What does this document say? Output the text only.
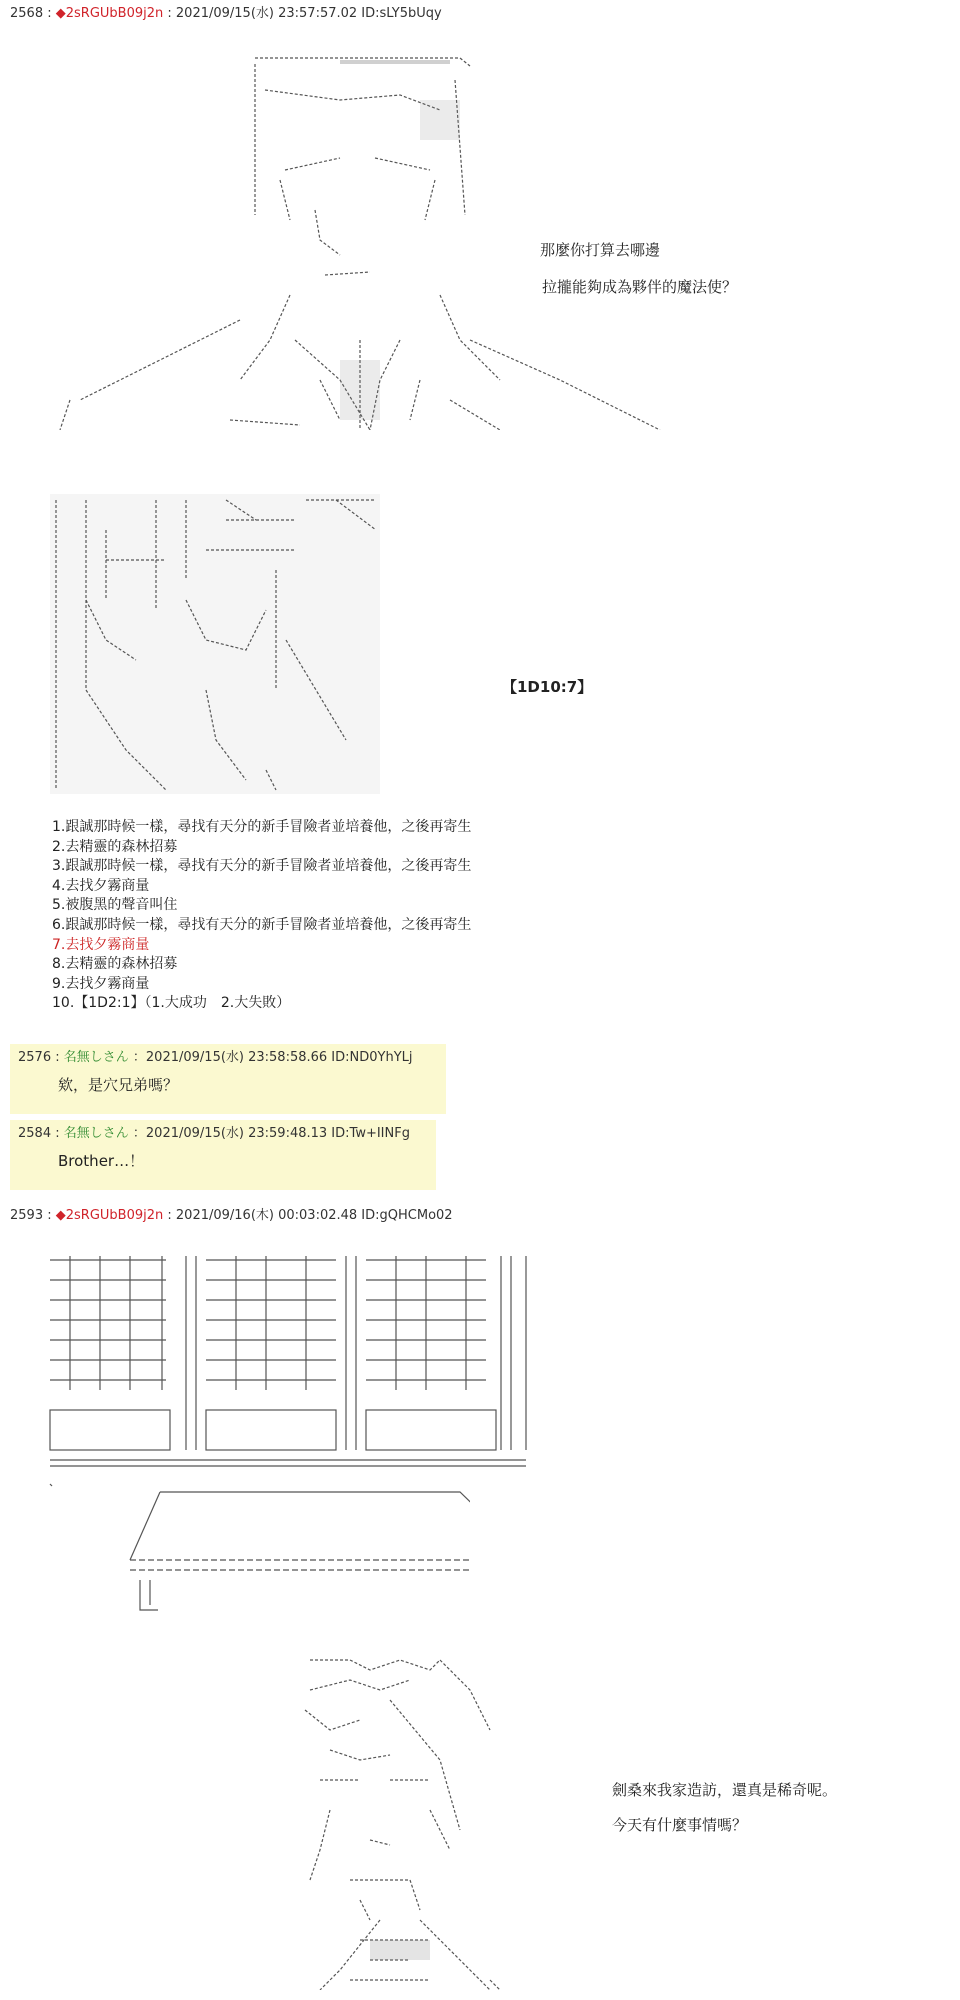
2568 : ◆2sRGUbB09j2n : 2021/09/15(水) 23:57:57.02 ID:sLY5bUqy
那麼你打算去哪邊
拉攏能夠成為夥伴的魔法使？
【1D10:7】
1.跟誠那時候一樣，尋找有天分的新手冒險者並培養他，之後再寄生
2.去精靈的森林招募
3.跟誠那時候一樣，尋找有天分的新手冒險者並培養他，之後再寄生
4.去找夕霧商量
5.被腹黑的聲音叫住
6.跟誠那時候一樣，尋找有天分的新手冒險者並培養他，之後再寄生
7.去找夕霧商量
8.去精靈的森林招募
9.去找夕霧商量
10.【1D2:1】（1.大成功　2.大失敗）
2576 : 名無しさん ：2021/09/15(水) 23:58:58.66 ID:ND0YhYLj
欸，是穴兄弟嗎？
2584 : 名無しさん ：2021/09/15(水) 23:59:48.13 ID:Tw+IINFg
Brother…！
2593 : ◆2sRGUbB09j2n : 2021/09/16(木) 00:03:02.48 ID:gQHCMo02
劍桑來我家造訪，還真是稀奇呢。
今天有什麼事情嗎？
